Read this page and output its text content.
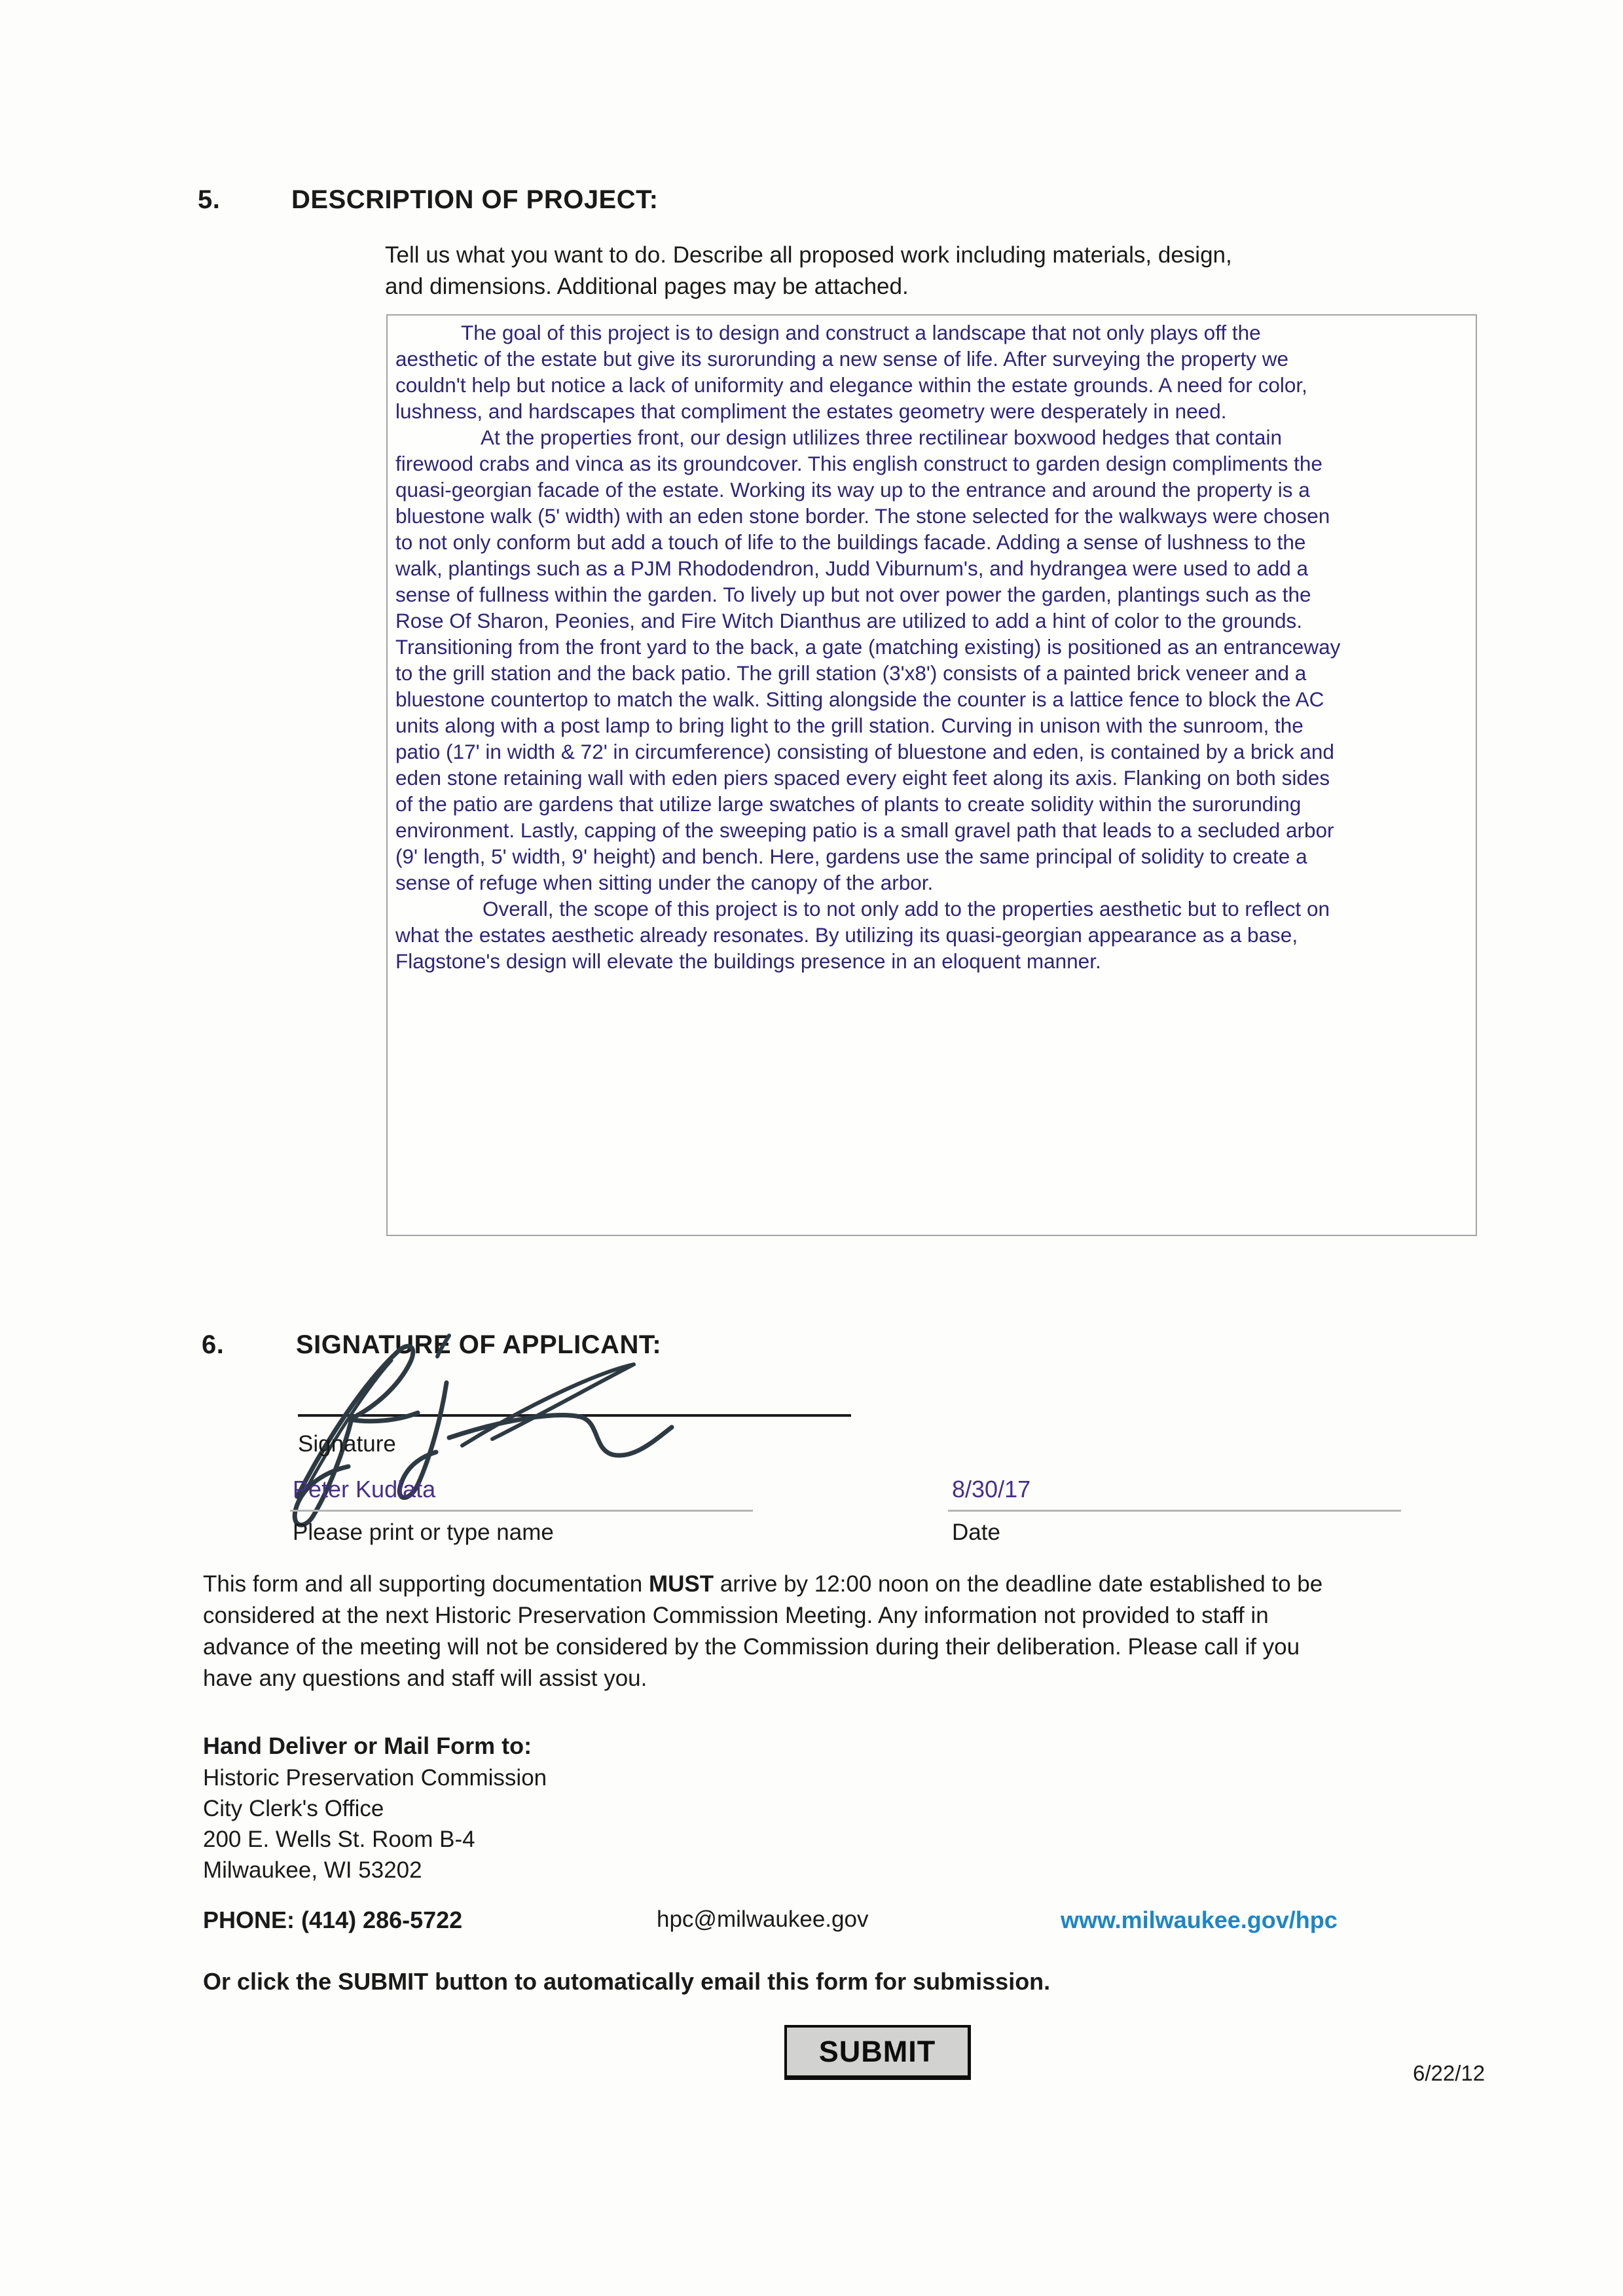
5.	DESCRIPTION OF PROJECT:
Tell us what you want to do. Describe all proposed work including materials, design,
and dimensions. Additional pages may be attached.
The goal of this project is to design and construct a landscape that not only plays off the
aesthetic of the estate but give its surorunding a new sense of life. After surveying the property we
couldn't help but notice a lack of uniformity and elegance within the estate grounds. A need for color,
lushness, and hardscapes that compliment the estates geometry were desperately in need.
At the properties front, our design utlilizes three rectilinear boxwood hedges that contain
firewood crabs and vinca as its groundcover. This english construct to garden design compliments the
quasi-georgian facade of the estate. Working its way up to the entrance and around the property is a
bluestone walk (5' width) with an eden stone border. The stone selected for the walkways were chosen
to not only conform but add a touch of life to the buildings facade. Adding a sense of lushness to the
walk, plantings such as a PJM Rhododendron, Judd Viburnum's, and hydrangea were used to add a
sense of fullness within the garden. To lively up but not over power the garden, plantings such as the
Rose Of Sharon, Peonies, and Fire Witch Dianthus are utilized to add a hint of color to the grounds.
Transitioning from the front yard to the back, a gate (matching existing) is positioned as an entranceway
to the grill station and the back patio. The grill station (3'x8') consists of a painted brick veneer and a
bluestone countertop to match the walk. Sitting alongside the counter is a lattice fence to block the AC
units along with a post lamp to bring light to the grill station. Curving in unison with the sunroom, the
patio (17' in width & 72' in circumference) consisting of bluestone and eden, is contained by a brick and
eden stone retaining wall with eden piers spaced every eight feet along its axis. Flanking on both sides
of the patio are gardens that utilize large swatches of plants to create solidity within the surorunding
environment. Lastly, capping of the sweeping patio is a small gravel path that leads to a secluded arbor
(9' length, 5' width, 9' height) and bench. Here, gardens use the same principal of solidity to create a
sense of refuge when sitting under the canopy of the arbor.
Overall, the scope of this project is to not only add to the properties aesthetic but to reflect on
what the estates aesthetic already resonates. By utilizing its quasi-georgian appearance as a base,
Flagstone's design will elevate the buildings presence in an eloquent manner.
6.	SIGNATURE OF APPLICANT:
Signature
Peter Kudlata
Please print or type name
8/30/17
Date
This form and all supporting documentation MUST arrive by 12:00 noon on the deadline date established to be
considered at the next Historic Preservation Commission Meeting. Any information not provided to staff in
advance of the meeting will not be considered by the Commission during their deliberation. Please call if you
have any questions and staff will assist you.
Hand Deliver or Mail Form to:
Historic Preservation Commission
City Clerk's Office
200 E. Wells St. Room B-4
Milwaukee, WI 53202
PHONE: (414) 286-5722	hpc@milwaukee.gov	www.milwaukee.gov/hpc
Or click the SUBMIT button to automatically email this form for submission.
SUBMIT
6/22/12
